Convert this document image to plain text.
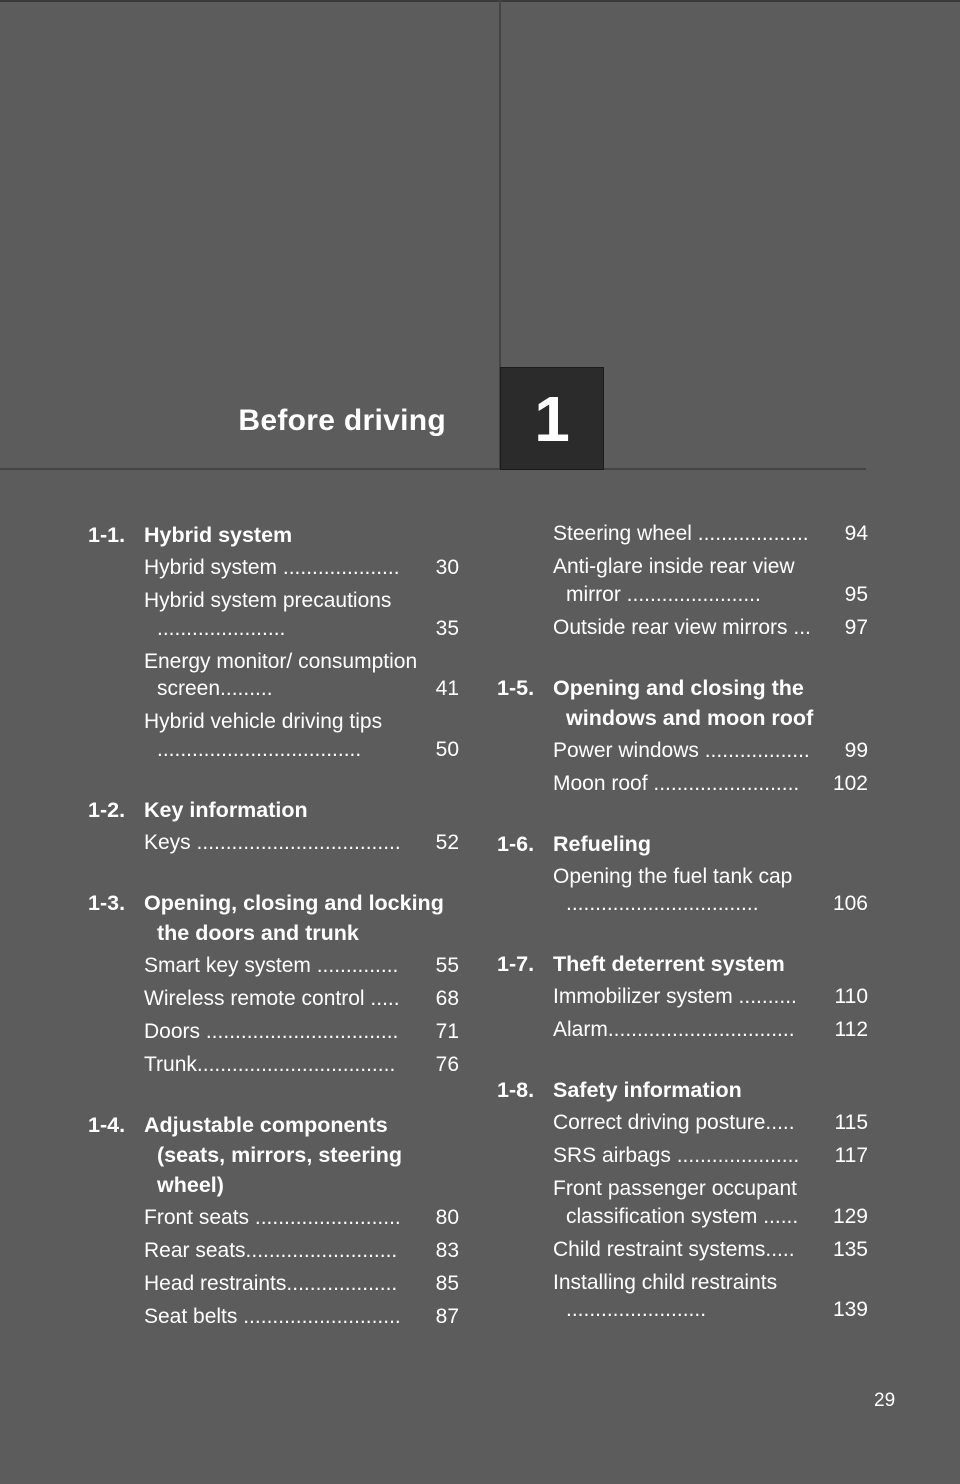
Before driving 1
1-1. Hybrid system
Hybrid system ....................	30
Hybrid system precautions ......................	35
Energy monitor/ consumption screen.........	41
Hybrid vehicle driving tips ...................................	50
1-2. Key information
Keys ...................................	52
1-3. Opening, closing and locking the doors and trunk
Smart key system ..............	55
Wireless remote control .....	68
Doors .................................	71
Trunk..................................	76
1-4. Adjustable components (seats, mirrors, steering wheel)
Front seats .........................	80
Rear seats..........................	83
Head restraints...................	85
Seat belts ...........................	87
Steering wheel ...................	94
Anti-glare inside rear view mirror .......................	95
Outside rear view mirrors ...	97
1-5. Opening and closing the windows and moon roof
Power windows ..................	99
Moon roof .........................	102
1-6. Refueling
Opening the fuel tank cap .................................	106
1-7. Theft deterrent system
Immobilizer system ..........	110
Alarm................................	112
1-8. Safety information
Correct driving posture.....	115
SRS airbags .....................	117
Front passenger occupant classification system ......	129
Child restraint systems.....	135
Installing child restraints ........................	139
29
